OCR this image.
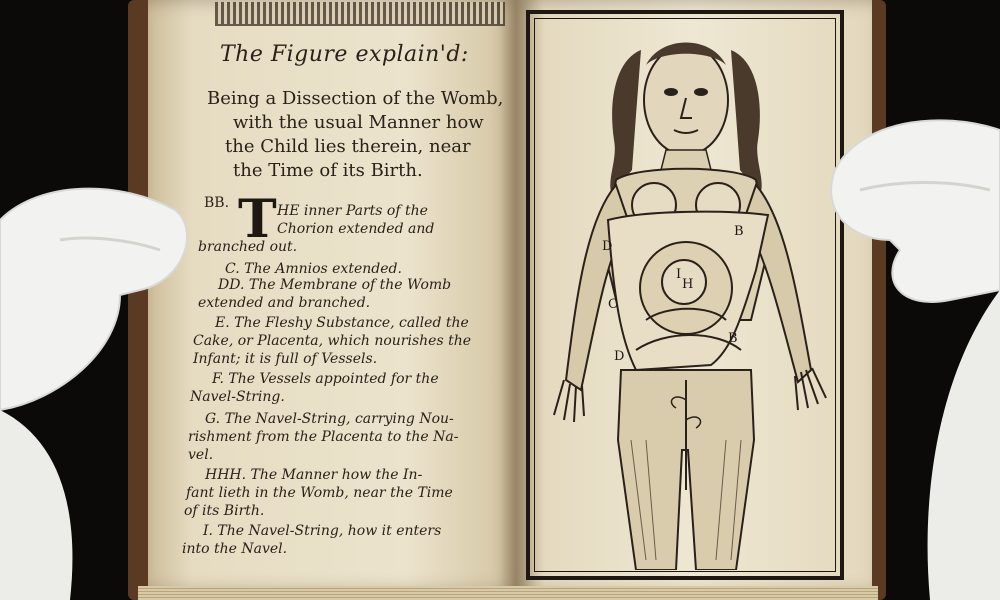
The Figure explain'd:

Being a Dissection of the Womb,

with the usual Manner how

the Child lies therein, near

the Time of its Birth.

BB. T HE inner Parts of the

Chorion extended and

branched out.

C. The Amnios extended.

DD. The Membrane of the Womb

extended and branched.

E. The Fleshy Substance, called the

Cake, or Placenta, which nourishes the

Infant; it is full of Vessels.

F. The Vessels appointed for the

Navel-String.

G. The Navel-String, carrying Nou-

rishment from the Placenta to the Na-

vel.

HHH. The Manner how the In-

fant lieth in the Womb, near the Time

of its Birth.

I. The Navel-String, how it enters

into the Navel.

B
D
C
H
I
B
D
